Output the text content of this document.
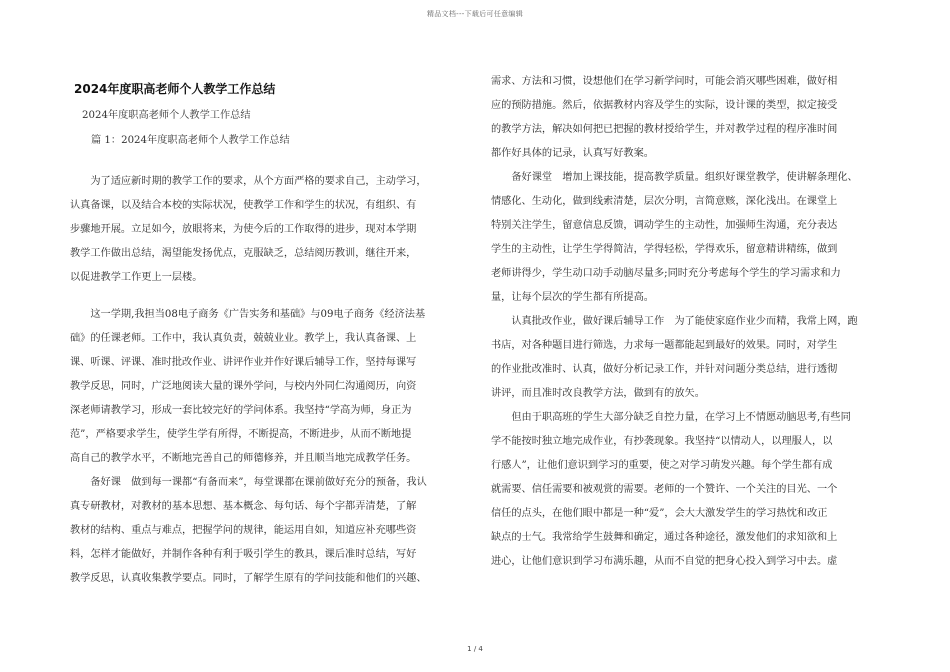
精品文档---下载后可任意编辑
2024年度职高老师个人教学工作总结
2024年度职高老师个人教学工作总结
篇 1：2024年度职高老师个人教学工作总结

　　为了适应新时期的教学工作的要求，从个方面严格的要求自己，主动学习，

认真备课，以及结合本校的实际状况，使教学工作和学生的状况，有组织、有

步骤地开展。立足如今，放眼将来，为使今后的工作取得的进步，现对本学期

教学工作做出总结，渴望能发扬优点，克服缺乏，总结阅历教训，继往开来，

以促进教学工作更上一层楼。

　　这一学期,我担当08电子商务《广告实务和基础》与09电子商务《经济法基

础》的任课老师。工作中，我认真负责，兢兢业业。教学上，我认真备课、上

课、听课、评课、准时批改作业、讲评作业并作好课后辅导工作，坚持每课写

教学反思，同时，广泛地阅读大量的课外学问，与校内外同仁沟通阅历，向资

深老师请教学习，形成一套比较完好的学问体系。我坚持“学高为师，身正为

范”，严格要求学生，使学生学有所得，不断提高，不断进步，从而不断地提

高自己的教学水平，不断地完善自己的师德修养，并且顺当地完成教学任务。

　　备好课　做到每一课都“有备而来”，每堂课都在课前做好充分的预备，我认

真专研教材，对教材的基本思想、基本概念、每句话、每个字都弄清楚，了解

教材的结构、重点与难点，把握学问的规律，能运用自如，知道应补充哪些资

料，怎样才能做好，并制作各种有利于吸引学生的教具，课后准时总结，写好

教学反思，认真收集教学要点。同时，了解学生原有的学问技能和他们的兴趣、

需求、方法和习惯，设想他们在学习新学问时，可能会消灭哪些困难，做好相

应的预防措施。然后，依据教材内容及学生的实际，设计课的类型，拟定接受

的教学方法，解决如何把已把握的教材授给学生，并对教学过程的程序准时间

都作好具体的记录，认真写好教案。

　　备好课堂　增加上课技能，提高教学质量。组织好课堂教学，使讲解条理化、

情感化、生动化，做到线索清楚，层次分明，言简意赅，深化浅出。在课堂上

特别关注学生，留意信息反馈，调动学生的主动性，加强师生沟通，充分表达

学生的主动性，让学生学得简洁，学得轻松，学得欢乐，留意精讲精练，做到

老师讲得少，学生动口动手动脑尽量多;同时充分考虑每个学生的学习需求和力

量，让每个层次的学生都有所提高。

　　认真批改作业，做好课后辅导工作　为了能使家庭作业少而精，我常上网，跑

书店，对各种题目进行筛选，力求每一题都能起到最好的效果。同时，对学生

的作业批改准时、认真，做好分析记录工作，并针对问题分类总结，进行透彻

讲评，而且准时改良教学方法，做到有的放矢。

　　但由于职高班的学生大部分缺乏自控力量，在学习上不情愿动脑思考,有些同

学不能按时独立地完成作业，有抄袭现象。我坚持“以情动人，以理服人，以

行感人”，让他们意识到学习的重要，使之对学习萌发兴趣。每个学生都有成

就需要、信任需要和被观赏的需要。老师的一个赞许、一个关注的目光、一个

信任的点头，在他们眼中都是一种“爱”，会大大激发学生的学习热忱和改正

缺点的士气。我常给学生鼓舞和确定，通过各种途径，激发他们的求知欲和上

进心，让他们意识到学习布满乐趣，从而不自觉的把身心投入到学习中去。虚

1 / 4
